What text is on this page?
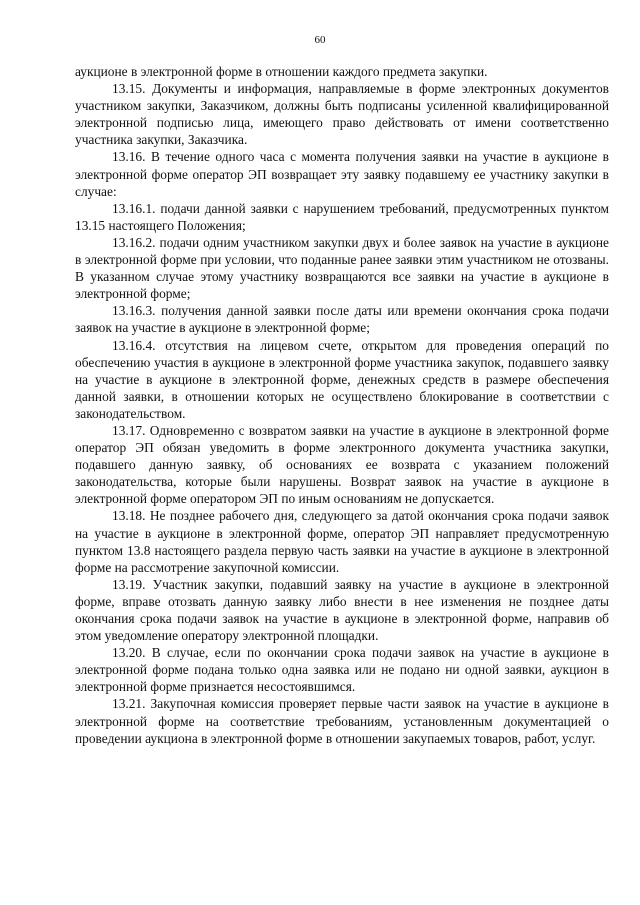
60

аукционе в электронной форме в отношении каждого предмета закупки.

13.15. Документы и информация, направляемые в форме электронных документов участником закупки, Заказчиком, должны быть подписаны усиленной квалифицированной электронной подписью лица, имеющего право действовать от имени соответственно участника закупки, Заказчика.

13.16. В течение одного часа с момента получения заявки на участие в аукционе в электронной форме оператор ЭП возвращает эту заявку подавшему ее участнику закупки в случае:

13.16.1. подачи данной заявки с нарушением требований, предусмотренных пунктом 13.15 настоящего Положения;

13.16.2. подачи одним участником закупки двух и более заявок на участие в аукционе в электронной форме при условии, что поданные ранее заявки этим участником не отозваны. В указанном случае этому участнику возвращаются все заявки на участие в аукционе в электронной форме;

13.16.3. получения данной заявки после даты или времени окончания срока подачи заявок на участие в аукционе в электронной форме;

13.16.4. отсутствия на лицевом счете, открытом для проведения операций по обеспечению участия в аукционе в электронной форме участника закупок, подавшего заявку на участие в аукционе в электронной форме, денежных средств в размере обеспечения данной заявки, в отношении которых не осуществлено блокирование в соответствии с законодательством.

13.17. Одновременно с возвратом заявки на участие в аукционе в электронной форме оператор ЭП обязан уведомить в форме электронного документа участника закупки, подавшего данную заявку, об основаниях ее возврата с указанием положений законодательства, которые были нарушены. Возврат заявок на участие в аукционе в электронной форме оператором ЭП по иным основаниям не допускается.

13.18. Не позднее рабочего дня, следующего за датой окончания срока подачи заявок на участие в аукционе в электронной форме, оператор ЭП направляет предусмотренную пунктом 13.8 настоящего раздела первую часть заявки на участие в аукционе в электронной форме на рассмотрение закупочной комиссии.

13.19. Участник закупки, подавший заявку на участие в аукционе в электронной форме, вправе отозвать данную заявку либо внести в нее изменения не позднее даты окончания срока подачи заявок на участие в аукционе в электронной форме, направив об этом уведомление оператору электронной площадки.

13.20. В случае, если по окончании срока подачи заявок на участие в аукционе в электронной форме подана только одна заявка или не подано ни одной заявки, аукцион в электронной форме признается несостоявшимся.

13.21. Закупочная комиссия проверяет первые части заявок на участие в аукционе в электронной форме на соответствие требованиям, установленным документацией о проведении аукциона в электронной форме в отношении закупаемых товаров, работ, услуг.
